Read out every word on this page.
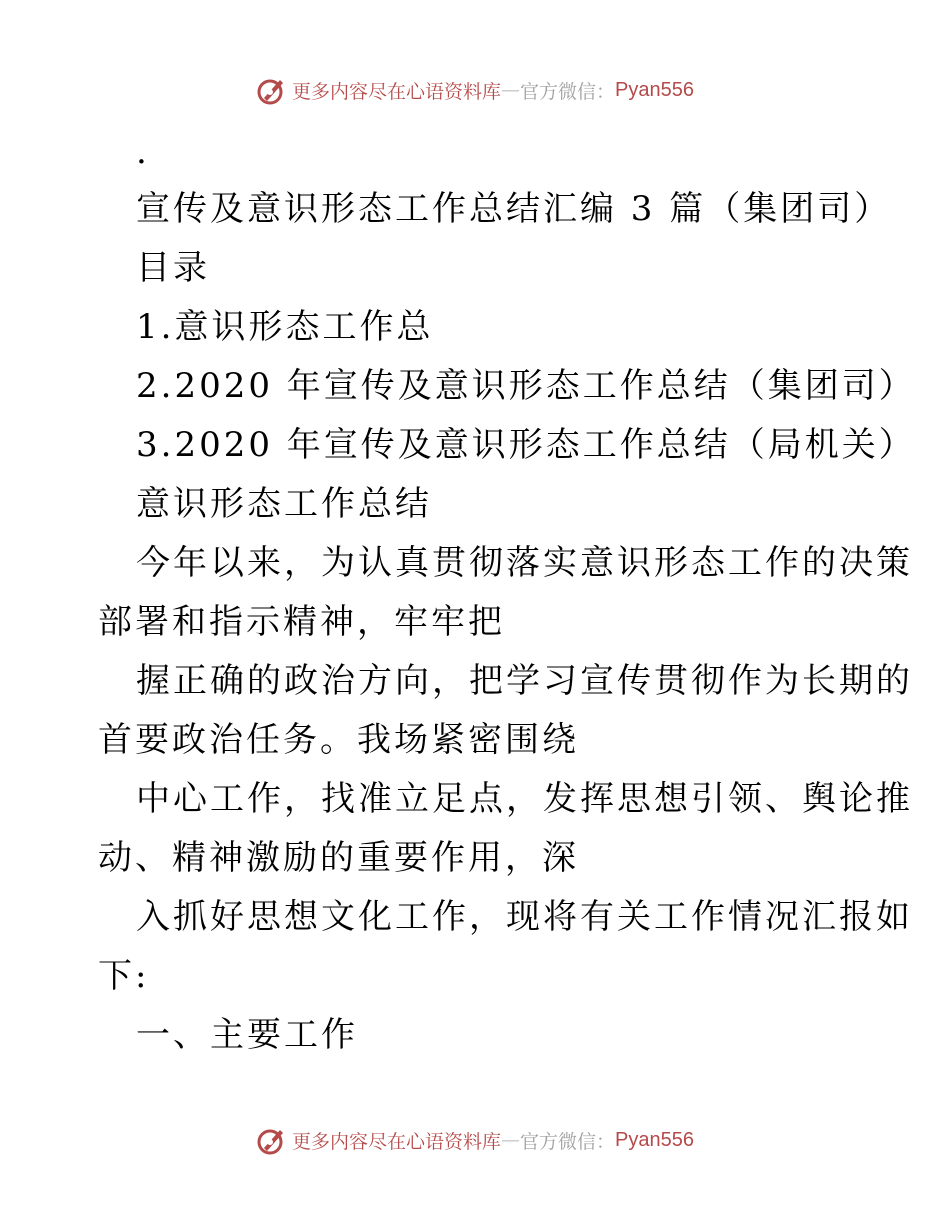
更多内容尽在心语资料库 — 官方微信： Pyan556
.
宣传及意识形态工作总结汇编 3 篇（集团司）
目录
1.意识形态工作总
2.2020 年宣传及意识形态工作总结（集团司）
3.2020 年宣传及意识形态工作总结（局机关）
意识形态工作总结
今年以来，为认真贯彻落实意识形态工作的决策
部署和指示精神，牢牢把
握正确的政治方向，把学习宣传贯彻作为长期的
首要政治任务。我场紧密围绕
中心工作，找准立足点，发挥思想引领、舆论推
动、精神激励的重要作用，深
入抓好思想文化工作，现将有关工作情况汇报如
下:
一、主要工作
更多内容尽在心语资料库 — 官方微信： Pyan556
